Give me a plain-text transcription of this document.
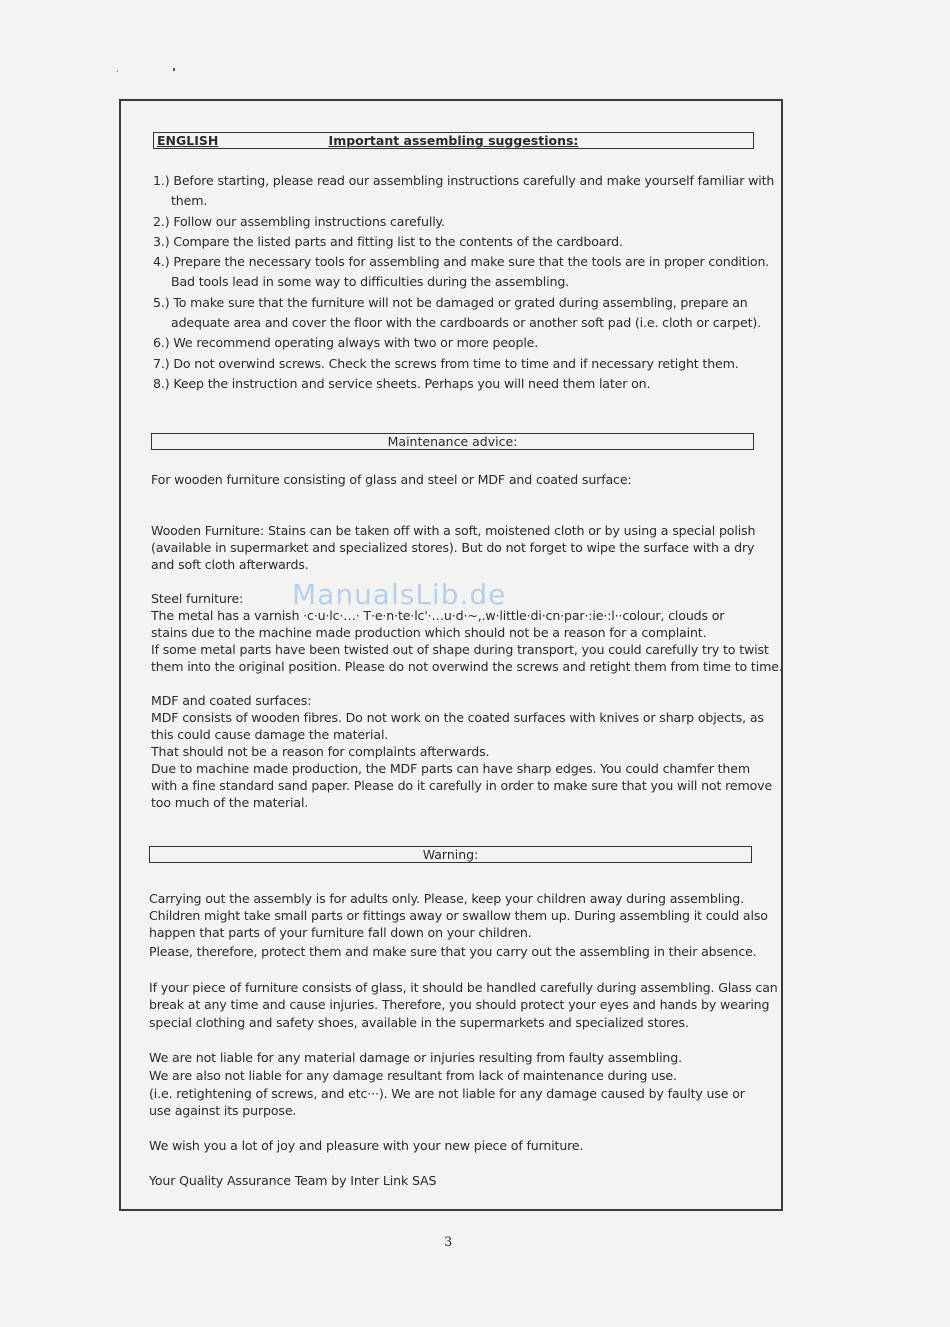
ENGLISH	Important assembling suggestions:
1.) Before starting, please read our assembling instructions carefully and make yourself familiar with
them.
2.) Follow our assembling instructions carefully.
3.) Compare the listed parts and fitting list to the contents of the cardboard.
4.) Prepare the necessary tools for assembling and make sure that the tools are in proper condition.
Bad tools lead in some way to difficulties during the assembling.
5.) To make sure that the furniture will not be damaged or grated during assembling, prepare an
adequate area and cover the floor with the cardboards or another soft pad (i.e. cloth or carpet).
6.) We recommend operating always with two or more people.
7.) Do not overwind screws. Check the screws from time to time and if necessary retight them.
8.) Keep the instruction and service sheets. Perhaps you will need them later on.
Maintenance advice:
For wooden furniture consisting of glass and steel or MDF and coated surface:
Wooden Furniture: Stains can be taken off with a soft, moistened cloth or by using a special polish
(available in supermarket and specialized stores). But do not forget to wipe the surface with a dry
and soft cloth afterwards.
Steel furniture:
The metal has a varnish ·c·u·lc·…· T·e·n·te·lc'·…u·d·~,.w·little·di·cn·par·:ie·:l··colour, clouds or
stains due to the machine made production which should not be a reason for a complaint.
If some metal parts have been twisted out of shape during transport, you could carefully try to twist
them into the original position. Please do not overwind the screws and retight them from time to time.
MDF and coated surfaces:
MDF consists of wooden fibres. Do not work on the coated surfaces with knives or sharp objects, as
this could cause damage the material.
That should not be a reason for complaints afterwards.
Due to machine made production, the MDF parts can have sharp edges. You could chamfer them
with a fine standard sand paper. Please do it carefully in order to make sure that you will not remove
too much of the material.
Warning:
Carrying out the assembly is for adults only. Please, keep your children away during assembling.
Children might take small parts or fittings away or swallow them up. During assembling it could also
happen that parts of your furniture fall down on your children.
Please, therefore, protect them and make sure that you carry out the assembling in their absence.
If your piece of furniture consists of glass, it should be handled carefully during assembling. Glass can
break at any time and cause injuries. Therefore, you should protect your eyes and hands by wearing
special clothing and safety shoes, available in the supermarkets and specialized stores.
We are not liable for any material damage or injuries resulting from faulty assembling.
We are also not liable for any damage resultant from lack of maintenance during use.
(i.e. retightening of screws, and etc···). We are not liable for any damage caused by faulty use or
use against its purpose.
We wish you a lot of joy and pleasure with your new piece of furniture.
Your Quality Assurance Team by Inter Link SAS
ManualsLib.de
3
